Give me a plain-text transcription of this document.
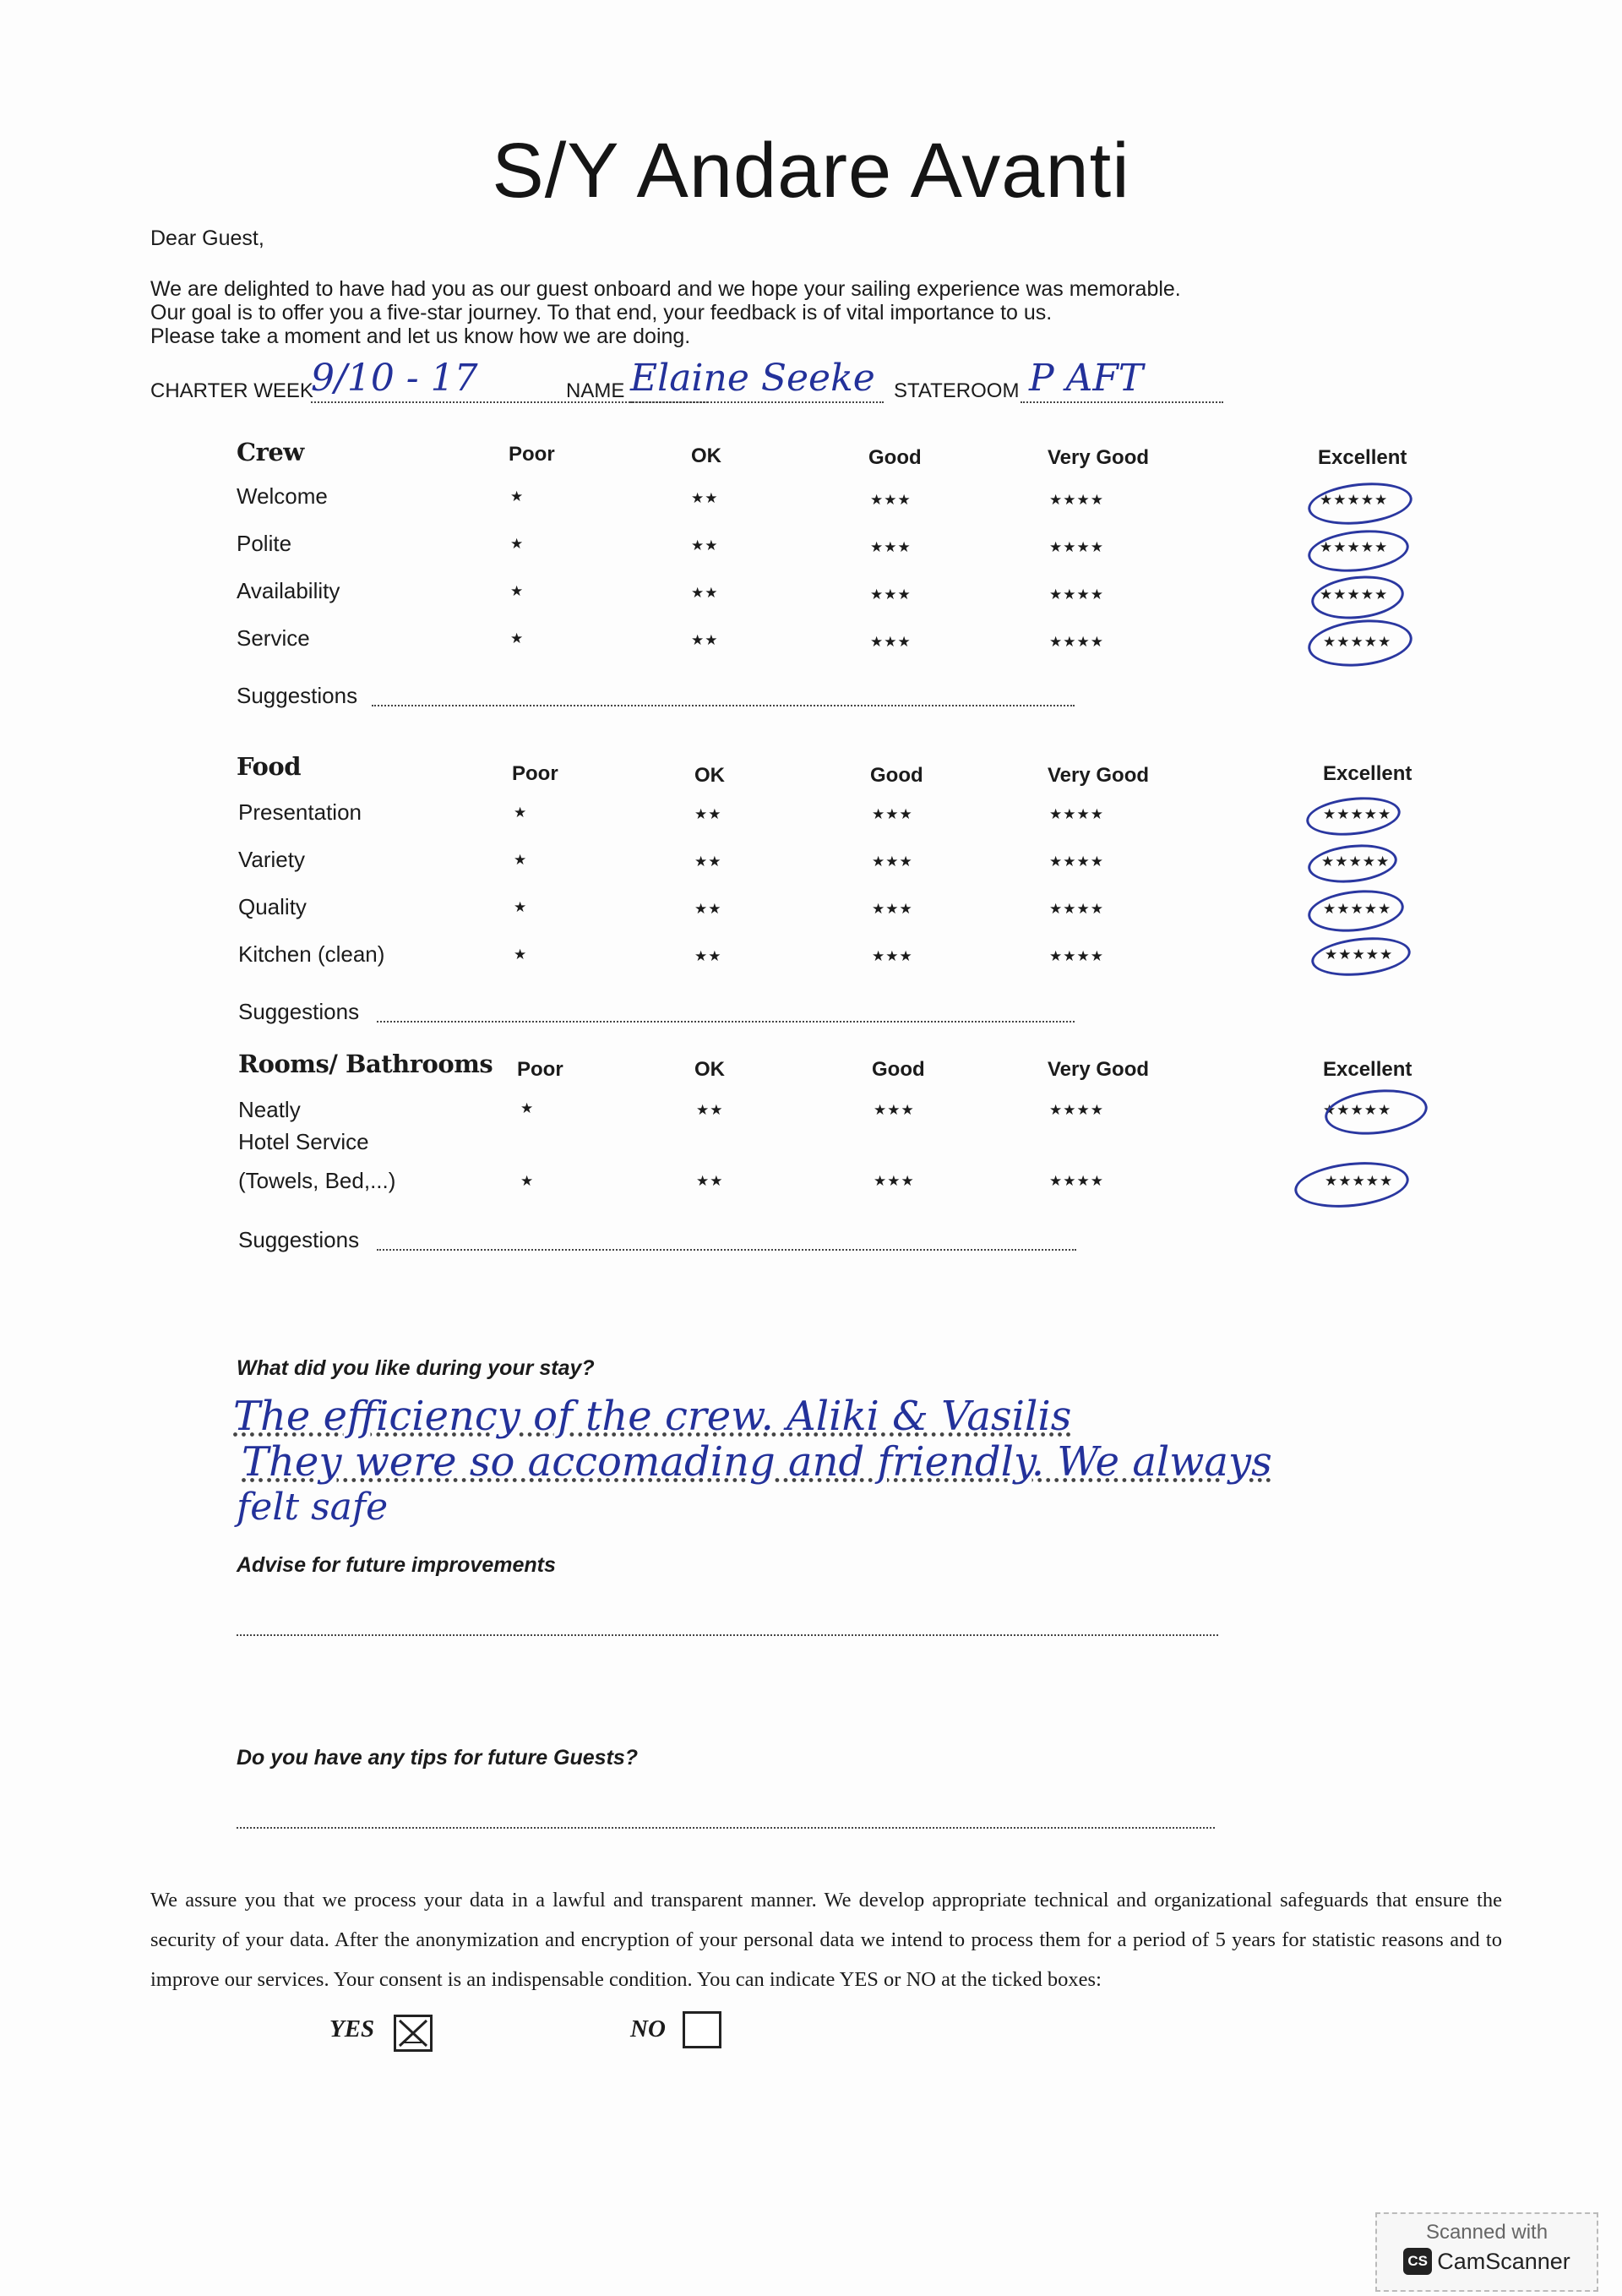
S/Y Andare Avanti
Dear Guest,
We are delighted to have had you as our guest onboard and we hope your sailing experience was memorable.
Our goal is to offer you a five-star journey. To that end, your feedback is of vital importance to us.
Please take a moment and let us know how we are doing.
CHARTER WEEK
9/10 - 17	NAME Elaine Seeke STATEROOM P AFT
Crew	Poor	OK	Good	Very Good	Excellent
Welcome	★	★★	★★★	★★★★	★★★★★
Polite	★	★★	★★★	★★★★	★★★★★
Availability	★	★★	★★★	★★★★	★★★★★
Service	★	★★	★★★	★★★★	★★★★★
Suggestions
Food	Poor	OK	Good	Very Good	Excellent
Presentation	★	★★	★★★	★★★★	★★★★★
Variety	★	★★	★★★	★★★★	★★★★★
Quality	★	★★	★★★	★★★★	★★★★★
Kitchen (clean)	★	★★	★★★	★★★★	★★★★★
Suggestions
Rooms/ Bathrooms Poor	OK	Good	Very Good	Excellent
Neatly	★	★★	★★★	★★★★	★★★★★
Hotel Service
(Towels, Bed,...)	★	★★	★★★	★★★★	★★★★★
Suggestions
What did you like during your stay?
The efficiency of the crew. Aliki & Vasilis
They were so accomading and friendly. We always
felt safe
Advise for future improvements
Do you have any tips for future Guests?
We assure you that we process your data in a lawful and transparent manner. We develop appropriate technical and organizational safeguards that ensure the security of your data. After the anonymization and encryption of your personal data we intend to process them for a period of 5 years for statistic reasons and to improve our services. Your consent is an indispensable condition. You can indicate YES or NO at the ticked boxes:
YES	NO
Scanned with
CS CamScanner
